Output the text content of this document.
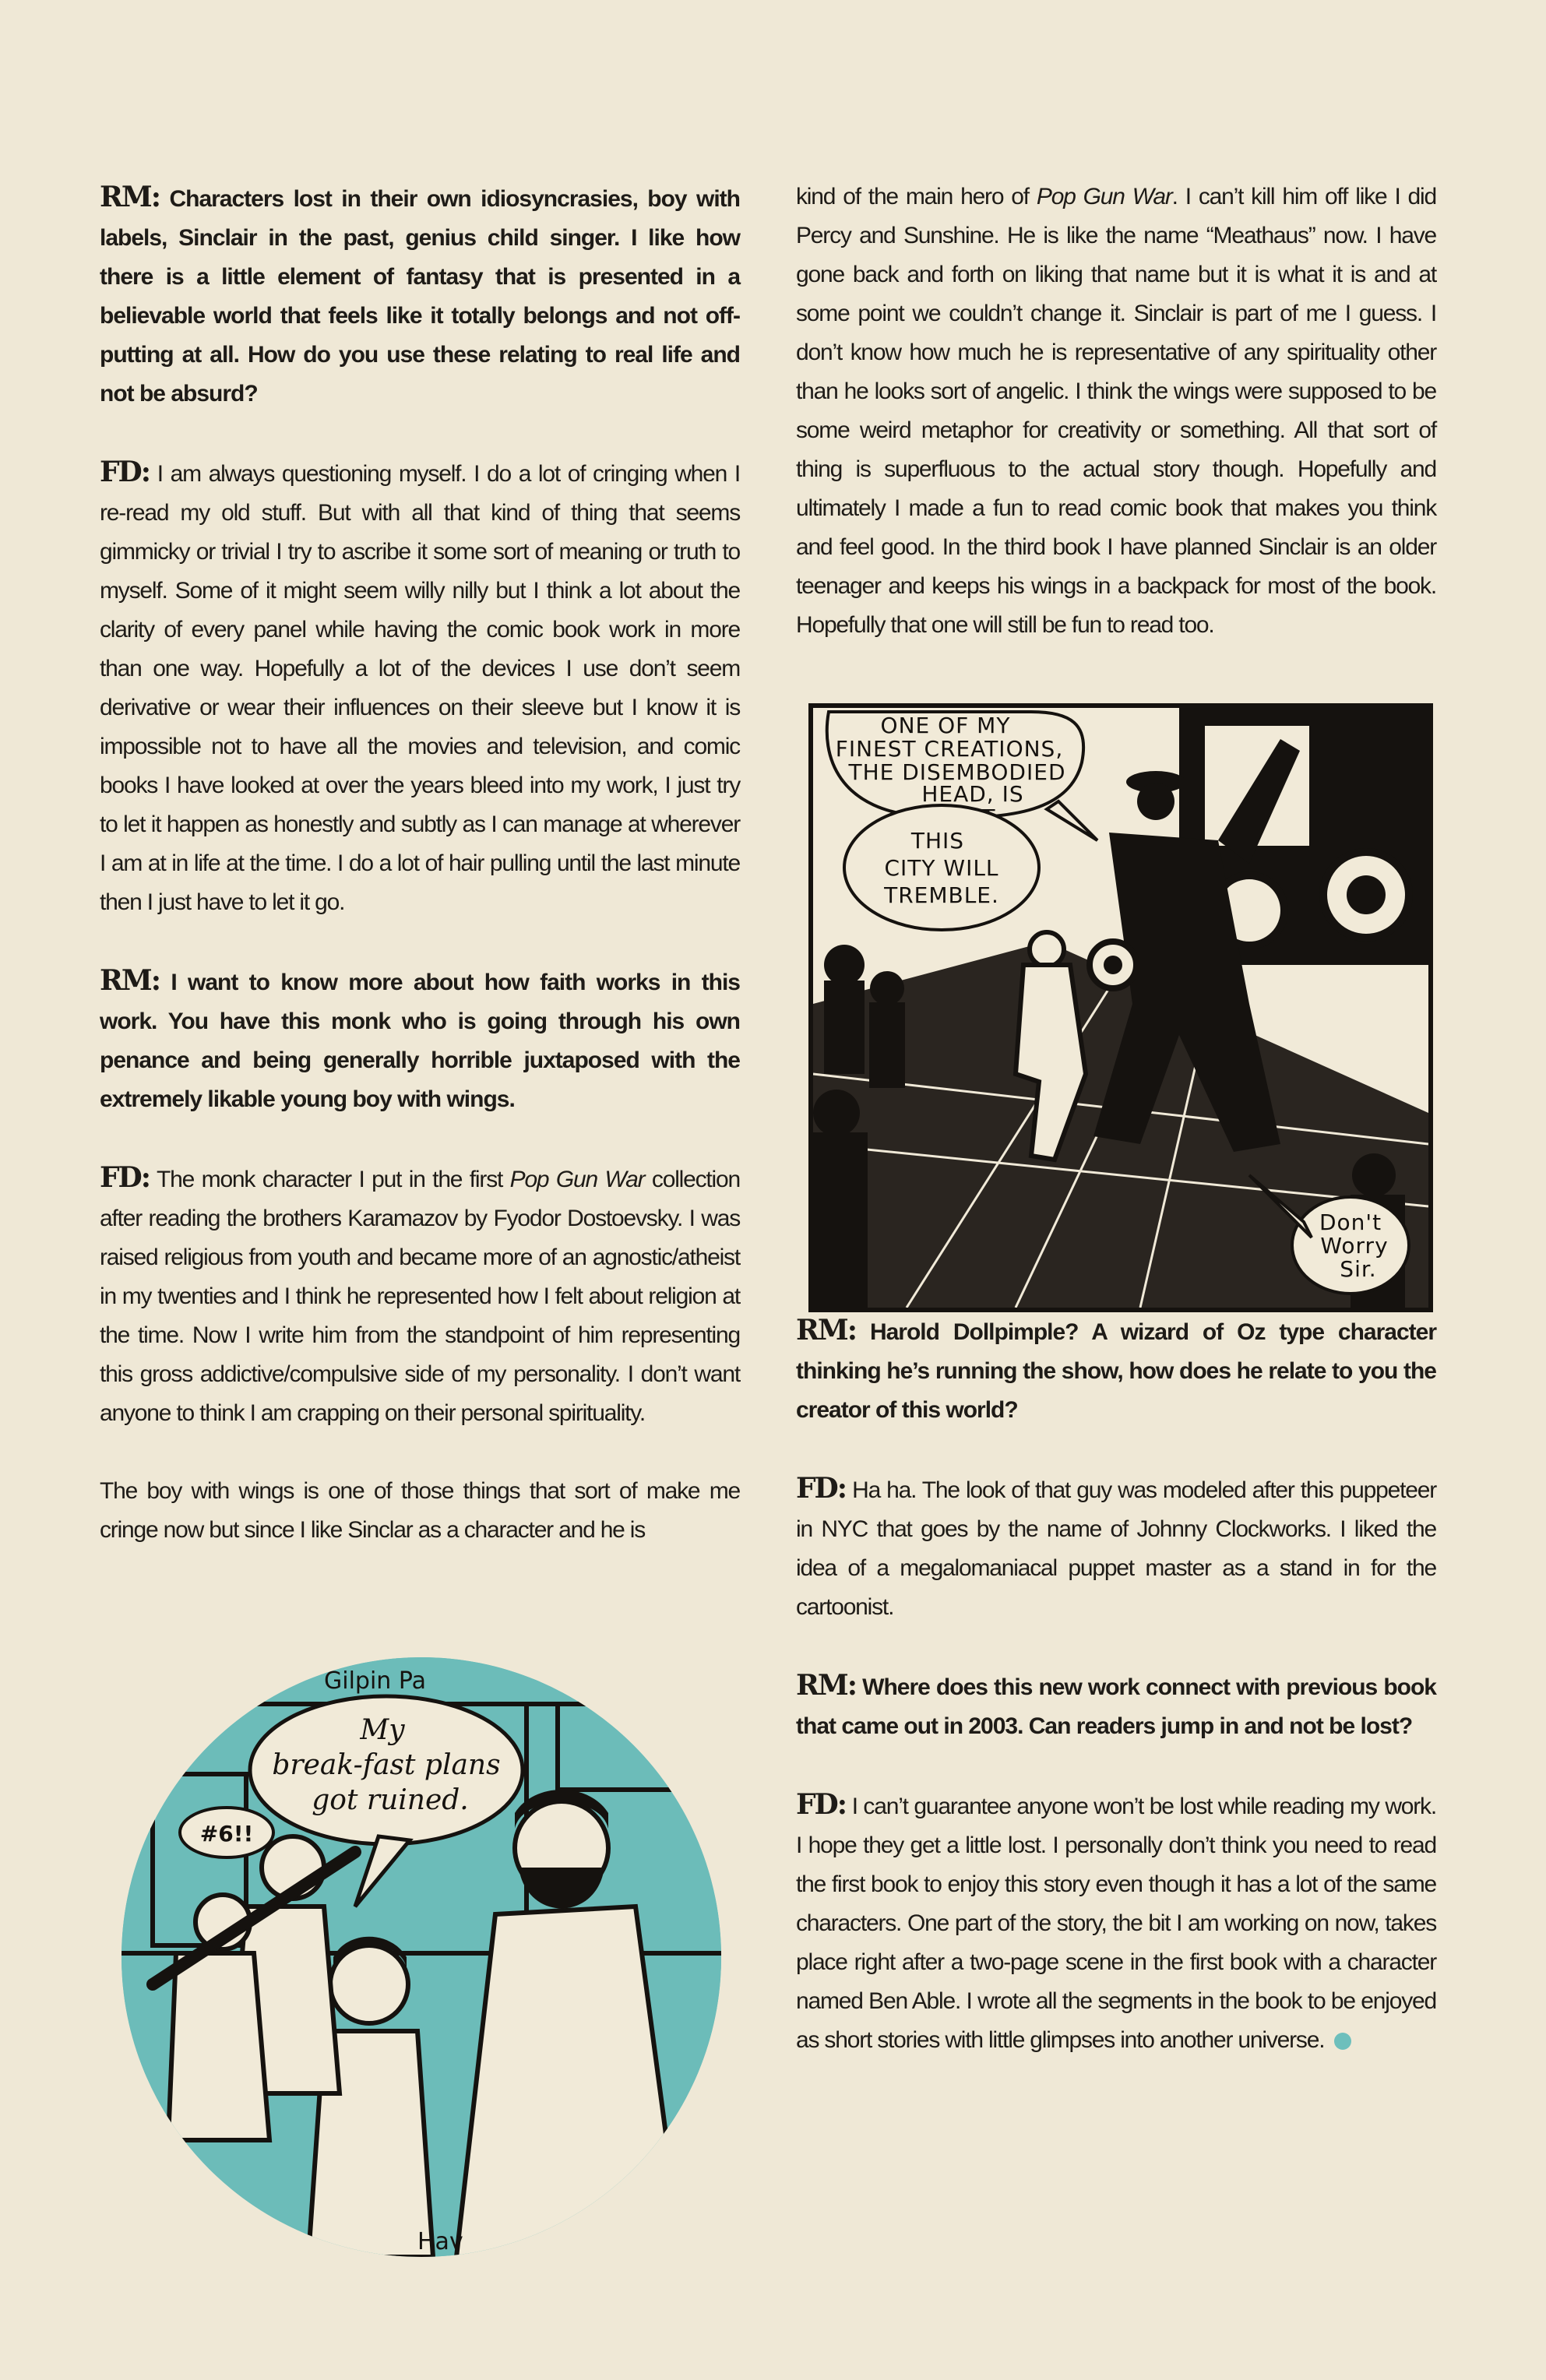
RM: Characters lost in their own idiosyncrasies, boy with labels, Sinclair in the past, genius child singer. I like how there is a little element of fantasy that is presented in a believable world that feels like it totally belongs and not off-putting at all. How do you use these relating to real life and not be absurd?

FD: I am always questioning myself. I do a lot of cringing when I re-read my old stuff. But with all that kind of thing that seems gimmicky or trivial I try to ascribe it some sort of meaning or truth to myself. Some of it might seem willy nilly but I think a lot about the clarity of every panel while having the comic book work in more than one way. Hopefully a lot of the devices I use don’t seem derivative or wear their influences on their sleeve but I know it is impossible not to have all the movies and television, and comic books I have looked at over the years bleed into my work, I just try to let it happen as honestly and subtly as I can manage at wherever I am at in life at the time. I do a lot of hair pulling until the last minute then I just have to let it go.

RM: I want to know more about how faith works in this work. You have this monk who is going through his own penance and being generally horrible juxtaposed with the extremely likable young boy with wings.

FD: The monk character I put in the first Pop Gun War collection after reading the brothers Karamazov by Fyodor Dostoevsky. I was raised religious from youth and became more of an agnostic/atheist in my twenties and I think he represented how I felt about religion at the time. Now I write him from the standpoint of him representing this gross addictive/compulsive side of my personality. I don’t want anyone to think I am crapping on their personal spirituality.

The boy with wings is one of those things that sort of make me cringe now but since I like Sinclar as a character and he is

kind of the main hero of Pop Gun War. I can’t kill him off like I did Percy and Sunshine. He is like the name “Meathaus” now. I have gone back and forth on liking that name but it is what it is and at some point we couldn’t change it. Sinclair is part of me I guess. I don’t know how much he is representative of any spirituality other than he looks sort of angelic. I think the wings were supposed to be some weird metaphor for creativity or something. All that sort of thing is superfluous to the actual story though. Hopefully and ultimately I made a fun to read comic book that makes you think and feel good. In the third book I have planned Sinclair is an older teenager and keeps his wings in a backpack for most of the book. Hopefully that one will still be fun to read too.

RM: Harold Dollpimple? A wizard of Oz type character thinking he’s running the show, how does he relate to you the creator of this world?

FD: Ha ha. The look of that guy was modeled after this puppeteer in NYC that goes by the name of Johnny Clockworks. I liked the idea of a megalomaniacal puppet master as a stand in for the cartoonist.

RM: Where does this new work connect with previous book that came out in 2003. Can readers jump in and not be lost?

FD: I can’t guarantee anyone won’t be lost while reading my work. I hope they get a little lost. I personally don’t think you need to read the first book to enjoy this story even though it has a lot of the same characters. One part of the story, the bit I am working on now, takes place right after a two-page scene in the first book with a character named Ben Able. I wrote all the segments in the book to be enjoyed as short stories with little glimpses into another universe.

ONE OF MY
FINEST CREATIONS,
THE DISEMBODIED
HEAD, IS
THIS
CITY WILL
TREMBLE.
Don't
Worry
Sir.
Gilpin Pa
My
break-fast plans
got ruined.
#6!!
Hav
